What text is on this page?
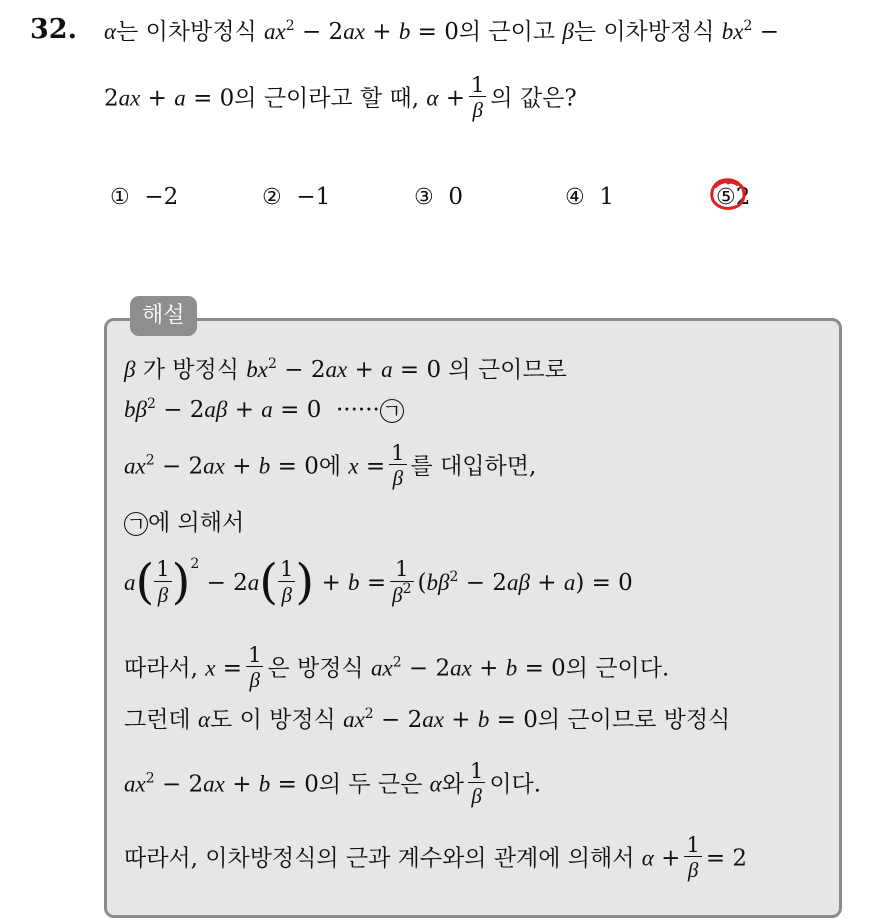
32. α는 이차방정식 $ax^2 - 2ax + b = 0$의 근이고 β는 이차방정식 $bx^2$ −
2ax + a = 0의 근이라고 할 때, $\alpha + \frac{1}{\beta}$ 의 값은?
① −2	② −1	③ 0	④ 1	⑤2
해설
β 가 방정식 $bx^2 - 2ax + a = 0$ 의 근이므로
$b\beta^2 - 2a\beta + a = 0$  ······ ㄱ
$ax^2 - 2ax + b = 0$에 $x = \frac{1}{\beta}$ 를 대입하면,
ㄱ 에 의해서
$a( \frac{1}{\beta} )^2 - 2a( \frac{1}{\beta}$ ) + $b = \frac{1}{\beta^2} (b\beta^2 - 2a\beta + a) = 0$
따라서, $x = \frac{1}{\beta}$ 은 방정식 $ax^2 - 2ax + b = 0$의 근이다.
그런데 α도 이 방정식 $ax^2 - 2ax + b = 0$의 근이므로 방정식
$ax^2 - 2ax + b = 0$의 두 근은 α와 $\frac{1}{\beta}$ 이다.
따라서, 이차방정식의 근과 계수와의 관계에 의해서 $\alpha + \frac{1}{\beta} = 2$
